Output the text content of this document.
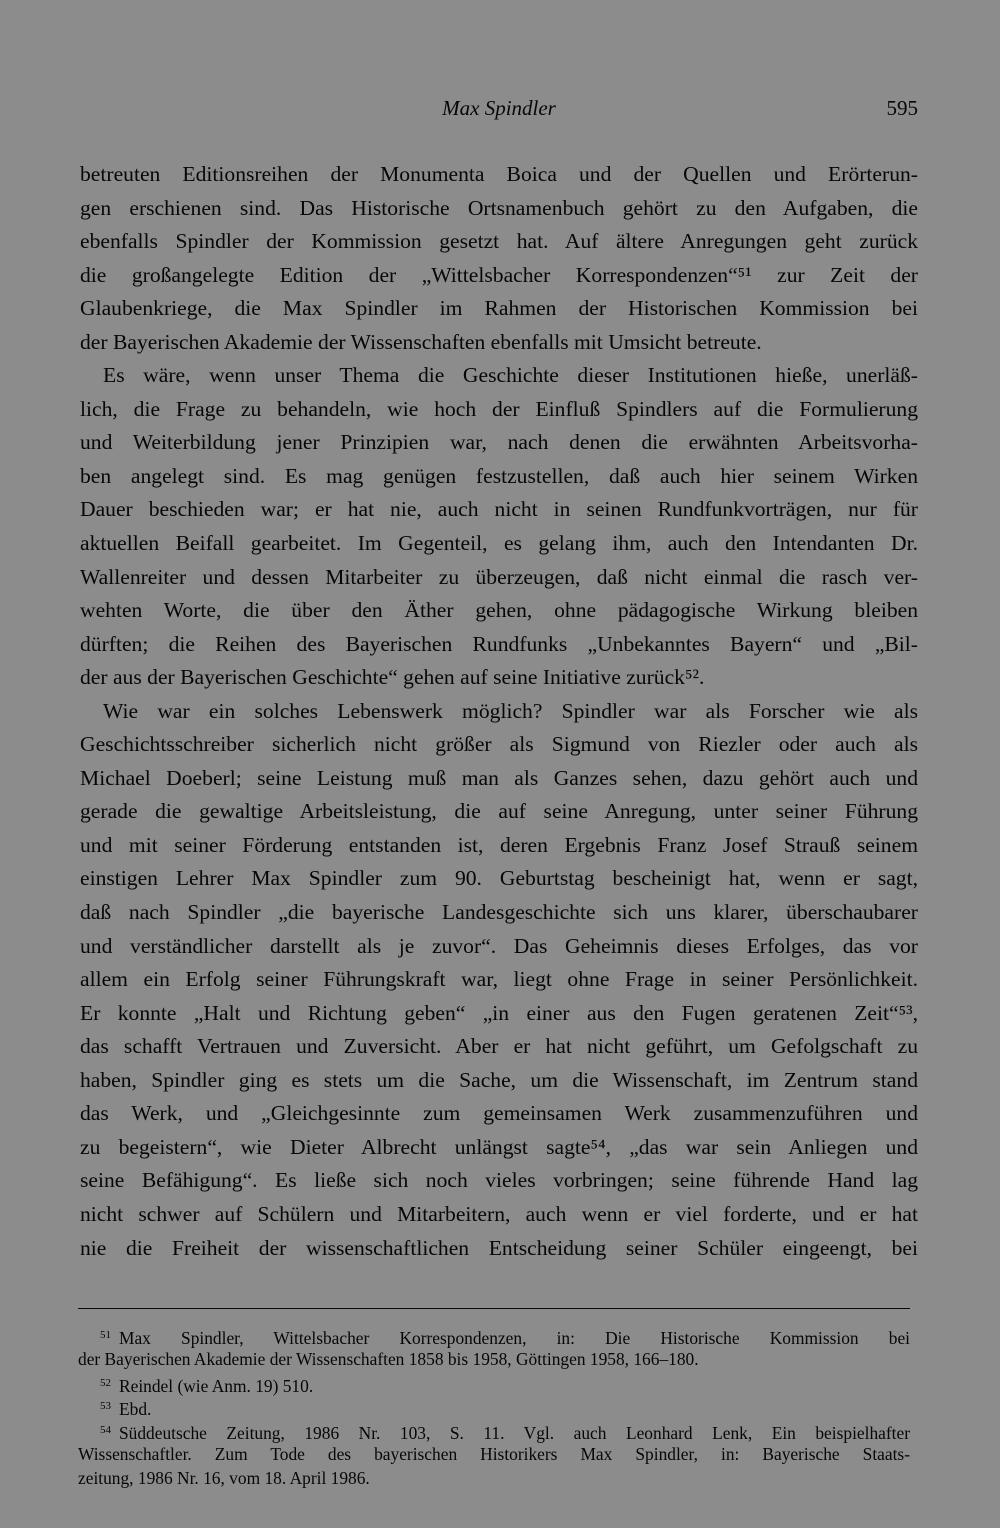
Max Spindler	595
betreuten Editionsreihen der Monumenta Boica und der Quellen und Erörterun-
gen erschienen sind. Das Historische Ortsnamenbuch gehört zu den Aufgaben, die
ebenfalls Spindler der Kommission gesetzt hat. Auf ältere Anregungen geht zurück
die großangelegte Edition der „Wittelsbacher Korrespondenzen“⁵¹ zur Zeit der
Glaubenkriege, die Max Spindler im Rahmen der Historischen Kommission bei
der Bayerischen Akademie der Wissenschaften ebenfalls mit Umsicht betreute.
Es wäre, wenn unser Thema die Geschichte dieser Institutionen hieße, unerläß-
lich, die Frage zu behandeln, wie hoch der Einfluß Spindlers auf die Formulierung
und Weiterbildung jener Prinzipien war, nach denen die erwähnten Arbeitsvorha-
ben angelegt sind. Es mag genügen festzustellen, daß auch hier seinem Wirken
Dauer beschieden war; er hat nie, auch nicht in seinen Rundfunkvorträgen, nur für
aktuellen Beifall gearbeitet. Im Gegenteil, es gelang ihm, auch den Intendanten Dr.
Wallenreiter und dessen Mitarbeiter zu überzeugen, daß nicht einmal die rasch ver-
wehten Worte, die über den Äther gehen, ohne pädagogische Wirkung bleiben
dürften; die Reihen des Bayerischen Rundfunks „Unbekanntes Bayern“ und „Bil-
der aus der Bayerischen Geschichte“ gehen auf seine Initiative zurück⁵².
Wie war ein solches Lebenswerk möglich? Spindler war als Forscher wie als
Geschichtsschreiber sicherlich nicht größer als Sigmund von Riezler oder auch als
Michael Doeberl; seine Leistung muß man als Ganzes sehen, dazu gehört auch und
gerade die gewaltige Arbeitsleistung, die auf seine Anregung, unter seiner Führung
und mit seiner Förderung entstanden ist, deren Ergebnis Franz Josef Strauß seinem
einstigen Lehrer Max Spindler zum 90. Geburtstag bescheinigt hat, wenn er sagt,
daß nach Spindler „die bayerische Landesgeschichte sich uns klarer, überschaubarer
und verständlicher darstellt als je zuvor“. Das Geheimnis dieses Erfolges, das vor
allem ein Erfolg seiner Führungskraft war, liegt ohne Frage in seiner Persönlichkeit.
Er konnte „Halt und Richtung geben“ „in einer aus den Fugen geratenen Zeit“⁵³,
das schafft Vertrauen und Zuversicht. Aber er hat nicht geführt, um Gefolgschaft zu
haben, Spindler ging es stets um die Sache, um die Wissenschaft, im Zentrum stand
das Werk, und „Gleichgesinnte zum gemeinsamen Werk zusammenzuführen und
zu begeistern“, wie Dieter Albrecht unlängst sagte⁵⁴, „das war sein Anliegen und
seine Befähigung“. Es ließe sich noch vieles vorbringen; seine führende Hand lag
nicht schwer auf Schülern und Mitarbeitern, auch wenn er viel forderte, und er hat
nie die Freiheit der wissenschaftlichen Entscheidung seiner Schüler eingeengt, bei
$^{51}$ Max Spindler, Wittelsbacher Korrespondenzen, in: Die Historische Kommission bei
der Bayerischen Akademie der Wissenschaften 1858 bis 1958, Göttingen 1958, 166–180.
$^{52}$ Reindel (wie Anm. 19) 510.
$^{53}$ Ebd.
$^{54}$ Süddeutsche Zeitung, 1986 Nr. 103, S. 11. Vgl. auch Leonhard Lenk, Ein beispielhafter
Wissenschaftler. Zum Tode des bayerischen Historikers Max Spindler, in: Bayerische Staats-
zeitung, 1986 Nr. 16, vom 18. April 1986.
